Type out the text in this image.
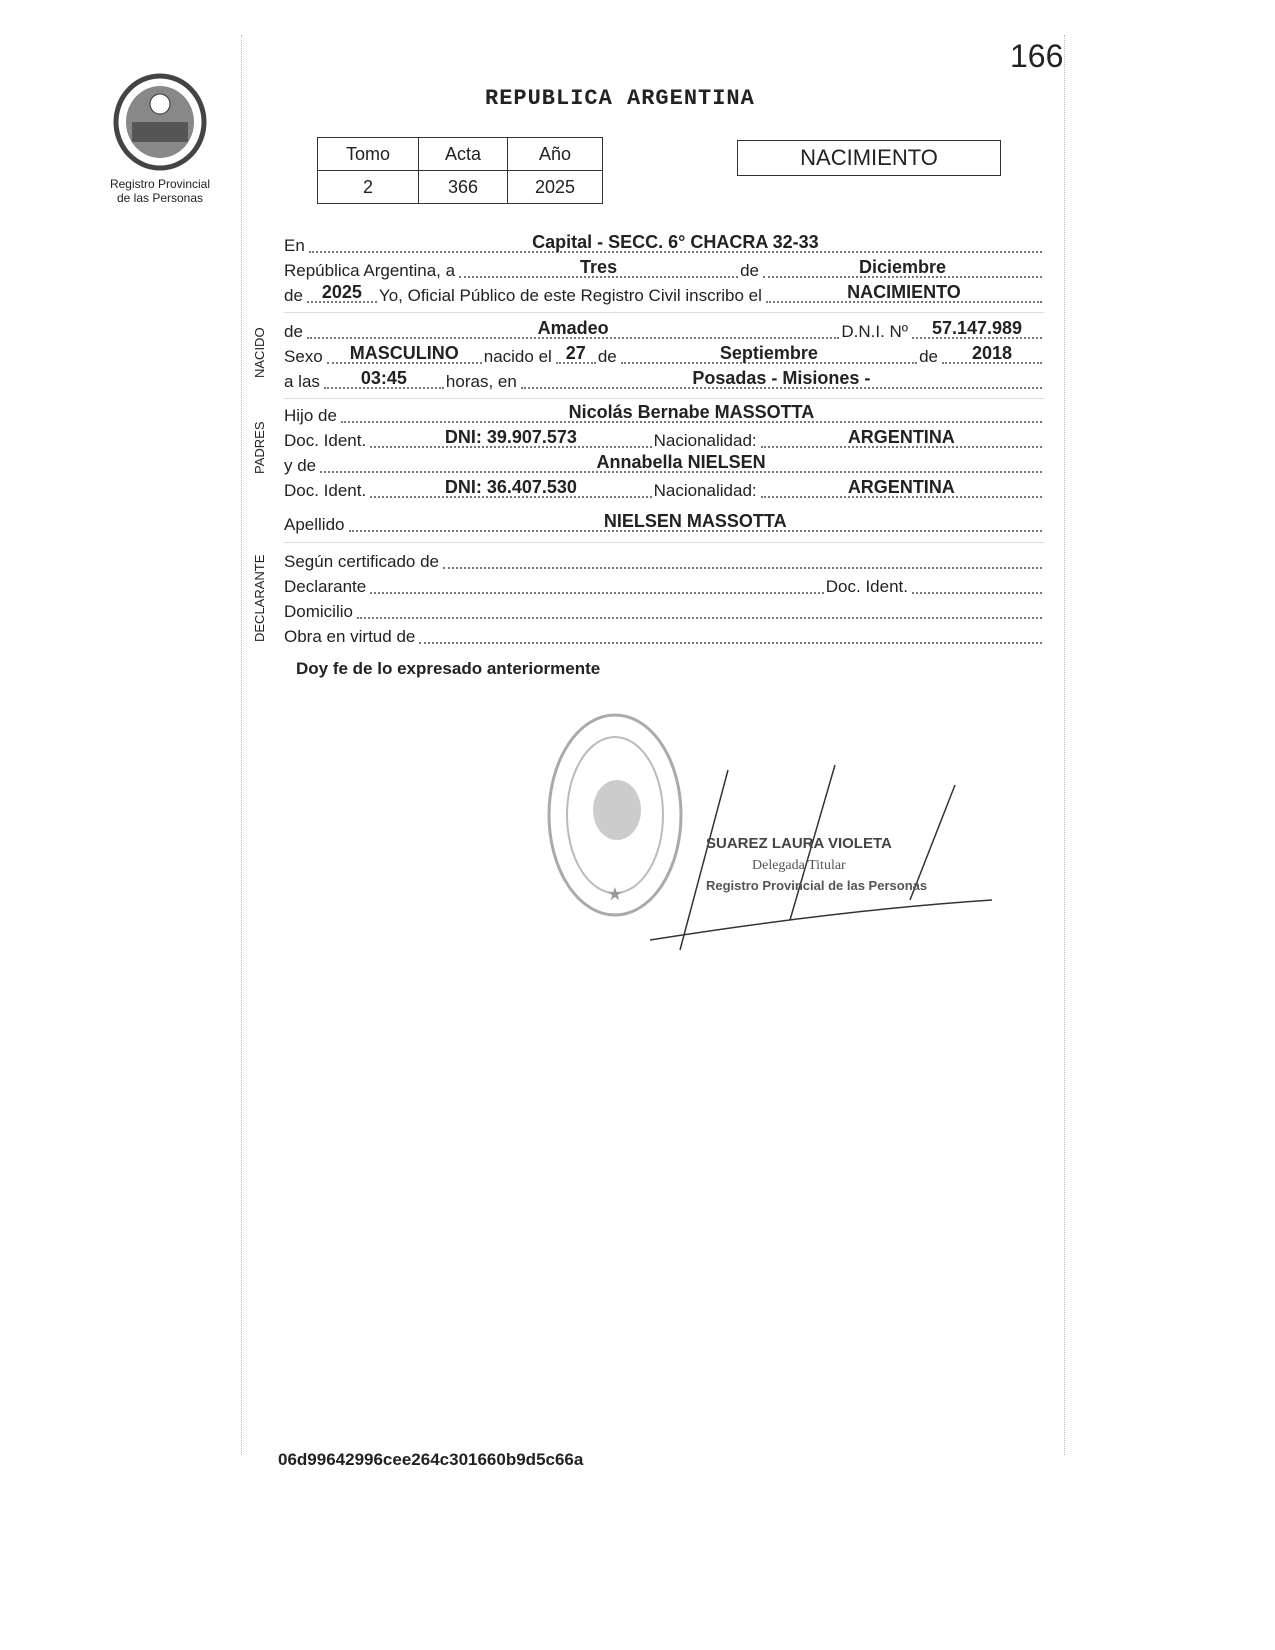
Registro Provincial
de las Personas
166
REPUBLICA ARGENTINA
Tomo	Acta	Año
2	366	2025
NACIMIENTO
En	Capital - SECC. 6° CHACRA 32-33
República Argentina, a	Tres	de	Diciembre
de	2025 Yo, Oficial Público de este Registro Civil inscribo el	NACIMIENTO
NACIDO
PADRES
DECLARANTE
de	Amadeo	D.N.I. Nº	57.147.989
Sexo	MASCULINO	nacido el 27 de	Septiembre	de	2018
a las	03:45	horas, en	Posadas - Misiones -
Hijo de	Nicolás Bernabe MASSOTTA
Doc. Ident.	DNI: 39.907.573	Nacionalidad:	ARGENTINA
y de	Annabella NIELSEN
Doc. Ident.	DNI: 36.407.530	Nacionalidad:	ARGENTINA
Apellido	NIELSEN MASSOTTA
Según certificado de
Declarante	Doc. Ident.
Domicilio
Obra en virtud de
Doy fe de lo expresado anteriormente
★
SUAREZ LAURA VIOLETA
Delegada Titular
Registro Provincial de las Personas
06d99642996cee264c301660b9d5c66a
